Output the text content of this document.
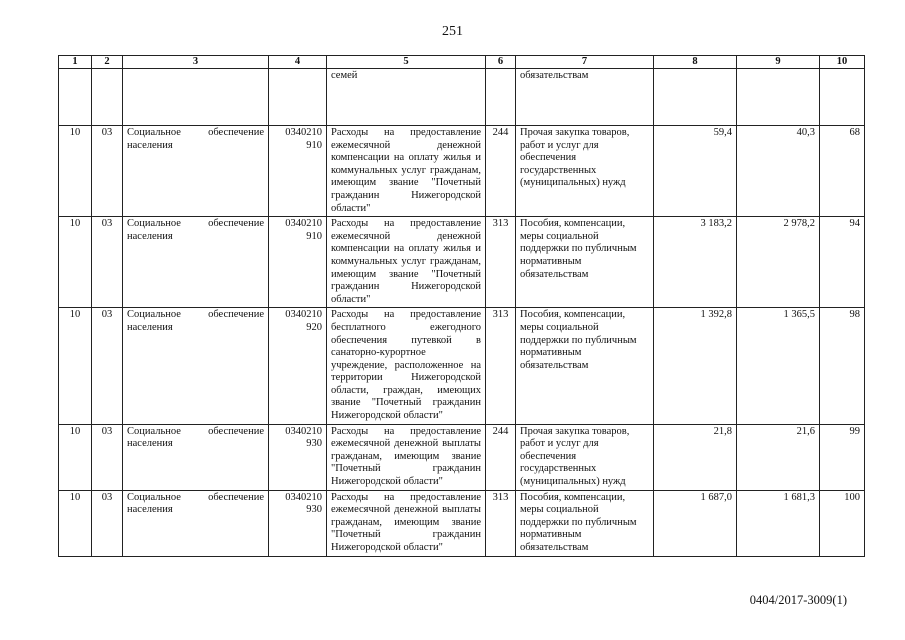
251
1	2	3	4	5	6	7	8	9	10
				семей		обязательствам			
10	03	Социальное обеспечение населения	0340210 910	Расходы на предоставление ежемесячной денежной компенсации на оплату жилья и коммунальных услуг гражданам, имеющим звание "Почетный гражданин Нижегородской области"	244	Прочая закупка товаров, работ и услуг для обеспечения государственных (муниципальных) нужд	59,4	40,3	68
10	03	Социальное обеспечение населения	0340210 910	Расходы на предоставление ежемесячной денежной компенсации на оплату жилья и коммунальных услуг гражданам, имеющим звание "Почетный гражданин Нижегородской области"	313	Пособия, компенсации, меры социальной поддержки по публичным нормативным обязательствам	3 183,2	2 978,2	94
10	03	Социальное обеспечение населения	0340210 920	Расходы на предоставление бесплатного ежегодного обеспечения путевкой в санаторно-курортное учреждение, расположенное на территории Нижегородской области, граждан, имеющих звание "Почетный гражданин Нижегородской области"	313	Пособия, компенсации, меры социальной поддержки по публичным нормативным обязательствам	1 392,8	1 365,5	98
10	03	Социальное обеспечение населения	0340210 930	Расходы на предоставление ежемесячной денежной выплаты гражданам, имеющим звание "Почетный гражданин Нижегородской области"	244	Прочая закупка товаров, работ и услуг для обеспечения государственных (муниципальных) нужд	21,8	21,6	99
10	03	Социальное обеспечение населения	0340210 930	Расходы на предоставление ежемесячной денежной выплаты гражданам, имеющим звание "Почетный гражданин Нижегородской области"	313	Пособия, компенсации, меры социальной поддержки по публичным нормативным обязательствам	1 687,0	1 681,3	100
0404/2017-3009(1)
